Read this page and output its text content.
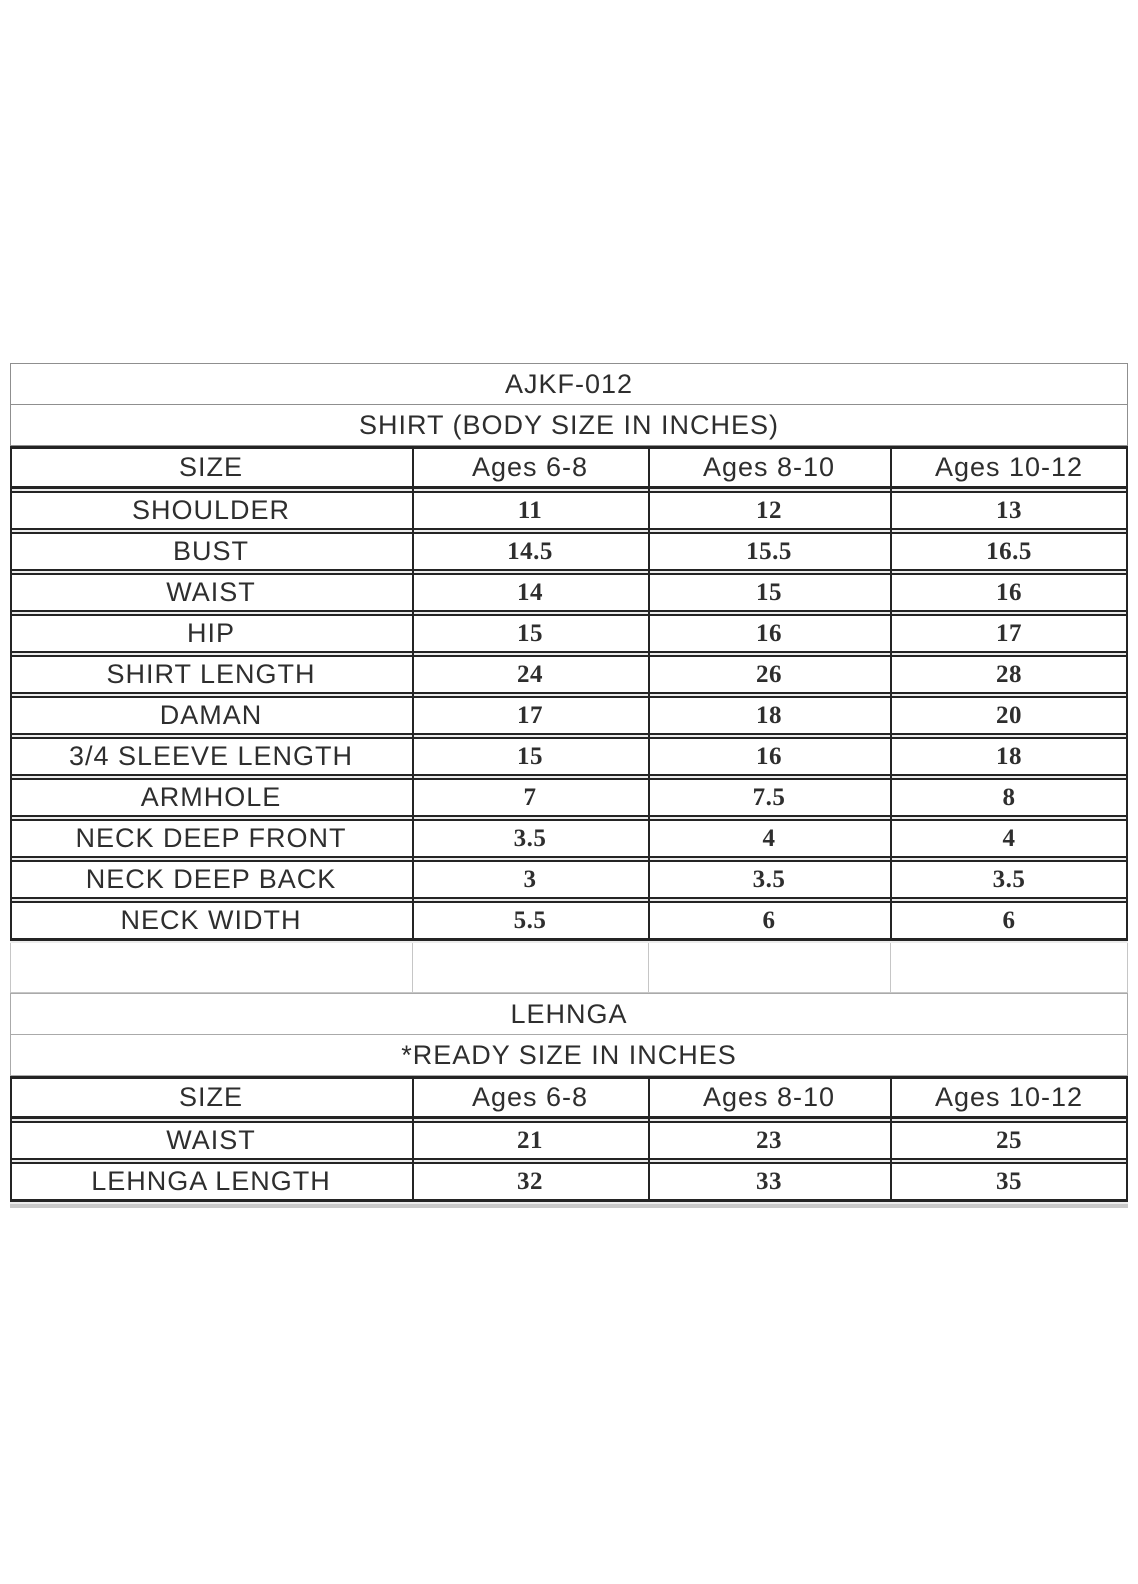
AJKF-012
SHIRT (BODY SIZE IN INCHES)
SIZE	Ages 6-8	Ages 8-10	Ages 10-12
SHOULDER	11	12	13
BUST	14.5	15.5	16.5
WAIST	14	15	16
HIP	15	16	17
SHIRT LENGTH	24	26	28
DAMAN	17	18	20
3/4 SLEEVE LENGTH	15	16	18
ARMHOLE	7	7.5	8
NECK DEEP FRONT	3.5	4	4
NECK DEEP BACK	3	3.5	3.5
NECK WIDTH	5.5	6	6
LEHNGA
*READY SIZE IN INCHES
SIZE	Ages 6-8	Ages 8-10	Ages 10-12
WAIST	21	23	25
LEHNGA LENGTH	32	33	35
